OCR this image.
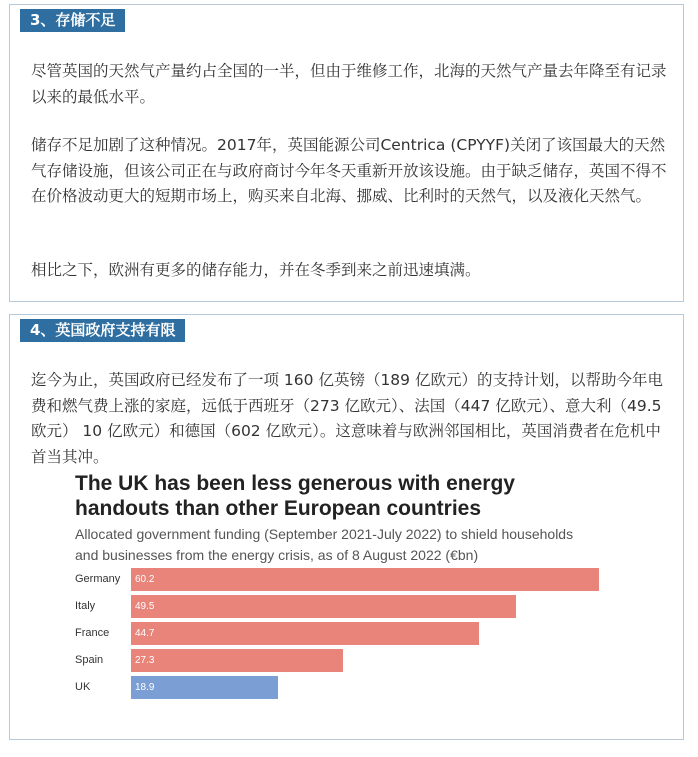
3、存储不足

尽管英国的天然气产量约占全国的一半，但由于维修工作，北海的天然气产量去年降至有记录以来的最低水平。

储存不足加剧了这种情况。2017年，英国能源公司Centrica (CPYYF)关闭了该国最大的天然气存储设施，但该公司正在与政府商讨今年冬天重新开放该设施。由于缺乏储存，英国不得不在价格波动更大的短期市场上，购买来自北海、挪威、比利时的天然气，以及液化天然气。

相比之下，欧洲有更多的储存能力，并在冬季到来之前迅速填满。

4、英国政府支持有限

迄今为止，英国政府已经发布了一项 160 亿英镑（189 亿欧元）的支持计划，以帮助今年电费和燃气费上涨的家庭，远低于西班牙（273 亿欧元）、法国（447 亿欧元）、意大利（49.5 欧元） 10 亿欧元）和德国（602 亿欧元）。这意味着与欧洲邻国相比，英国消费者在危机中首当其冲。

The UK has been less generous with energy handouts than other European countries
Allocated government funding (September 2021-July 2022) to shield households and businesses from the energy crisis, as of 8 August 2022 (€bn)
Germany 60.2
Italy	49.5
France	44.7
Spain	27.3
UK	18.9
